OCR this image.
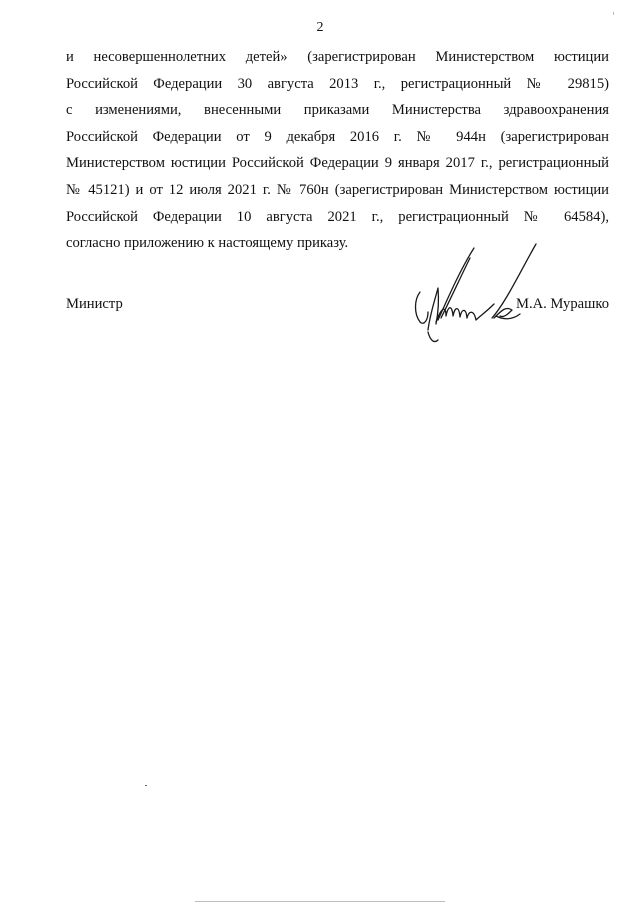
2
и несовершеннолетних детей» (зарегистрирован Министерством юстиции
Российской Федерации 30 августа 2013 г., регистрационный № 29815)
с изменениями, внесенными приказами Министерства здравоохранения
Российской Федерации от 9 декабря 2016 г. № 944н (зарегистрирован
Министерством юстиции Российской Федерации 9 января 2017 г., регистрационный
№ 45121) и от 12 июля 2021 г. № 760н (зарегистрирован Министерством юстиции
Российской Федерации 10 августа 2021 г., регистрационный № 64584),
согласно приложению к настоящему приказу.
Министр	М.А. Мурашко
